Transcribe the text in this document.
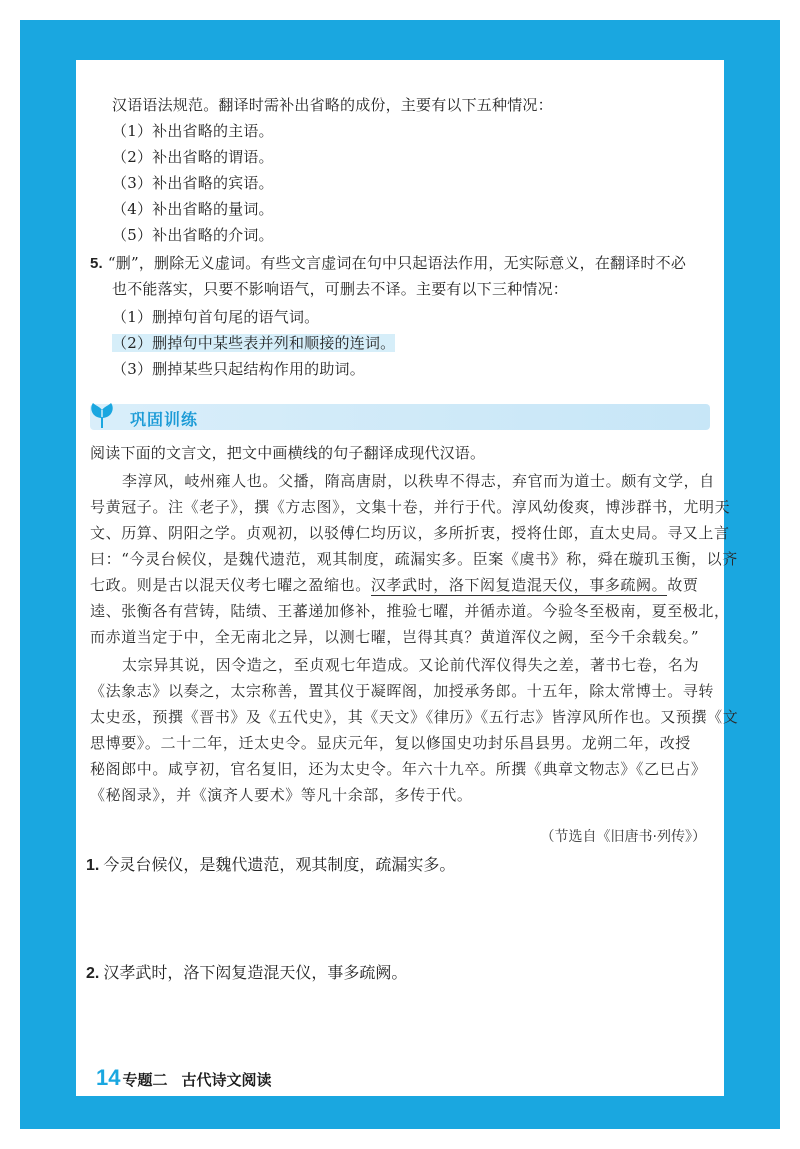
汉语语法规范。翻译时需补出省略的成份，主要有以下五种情况：
（1）补出省略的主语。
（2）补出省略的谓语。
（3）补出省略的宾语。
（4）补出省略的量词。
（5）补出省略的介词。
5. “删”，删除无义虚词。有些文言虚词在句中只起语法作用，无实际意义，在翻译时不必
也不能落实，只要不影响语气，可删去不译。主要有以下三种情况：
（1）删掉句首句尾的语气词。
（2）删掉句中某些表并列和顺接的连词。
（3）删掉某些只起结构作用的助词。
巩固训练
阅读下面的文言文，把文中画横线的句子翻译成现代汉语。
李淳风，岐州雍人也。父播，隋高唐尉，以秩卑不得志，弃官而为道士。颇有文学，自
号黄冠子。注《老子》，撰《方志图》，文集十卷，并行于代。淳风幼俊爽，博涉群书，尤明天
文、历算、阴阳之学。贞观初，以驳傅仁均历议，多所折衷，授将仕郎，直太史局。寻又上言
曰：“今灵台候仪，是魏代遗范，观其制度，疏漏实多。臣案《虞书》称，舜在璇玑玉衡，以齐
七政。则是古以混天仪考七曜之盈缩也。汉孝武时，洛下闳复造混天仪，事多疏阙。故贾
逵、张衡各有营铸，陆绩、王蕃递加修补，推验七曜，并循赤道。今验冬至极南，夏至极北，
而赤道当定于中，全无南北之异，以测七曜，岂得其真？黄道浑仪之阙，至今千余载矣。”
太宗异其说，因令造之，至贞观七年造成。又论前代浑仪得失之差，著书七卷，名为
《法象志》以奏之，太宗称善，置其仪于凝晖阁，加授承务郎。十五年，除太常博士。寻转
太史丞，预撰《晋书》及《五代史》，其《天文》《律历》《五行志》皆淳风所作也。又预撰《文
思博要》。二十二年，迁太史令。显庆元年，复以修国史功封乐昌县男。龙朔二年，改授
秘阁郎中。咸亨初，官名复旧，还为太史令。年六十九卒。所撰《典章文物志》《乙巳占》
《秘阁录》，并《演齐人要术》等凡十余部，多传于代。
（节选自《旧唐书·列传》）
1. 今灵台候仪，是魏代遗范，观其制度，疏漏实多。
2. 汉孝武时，洛下闳复造混天仪，事多疏阙。
14 专题二 古代诗文阅读
